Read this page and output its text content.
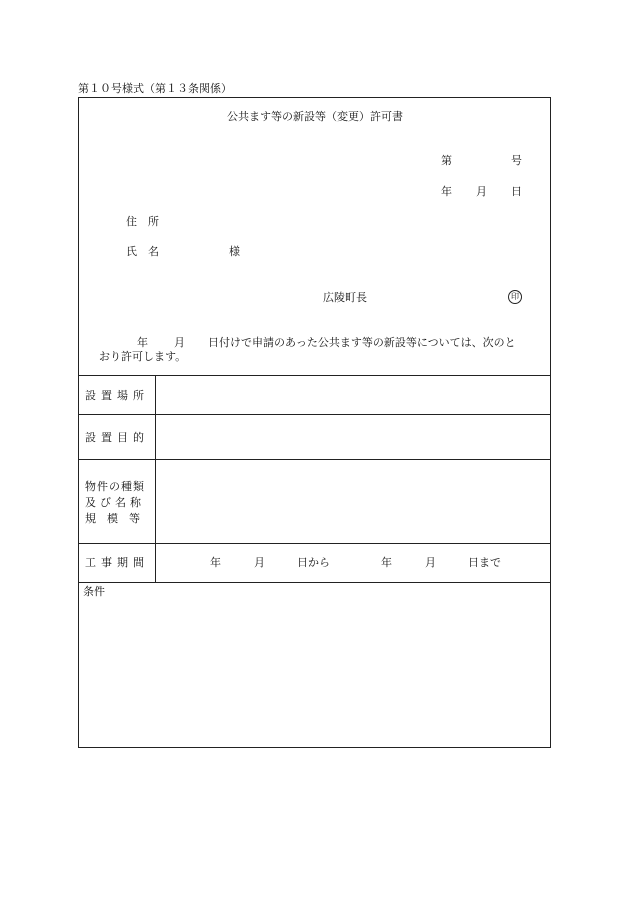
第１０号様式（第１３条関係）
公共ます等の新設等（変更）許可書
第	号
年 月 日
住　所
氏　名	様
広陵町長	印
年 月 日付けで申請のあった公共ます等の新設等については、次のと
おり許可します。
設置場所
設置目的
物件の種類
及び名称
規　模　等
工事期間	年	月	日から	年	月	日まで
条件
